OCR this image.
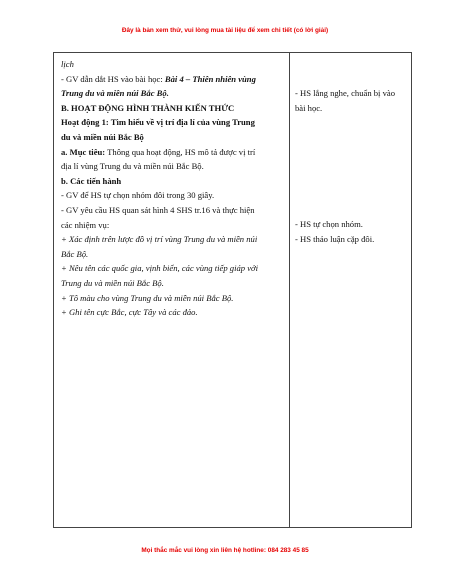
Đây là bản xem thử, vui lòng mua tài liệu để xem chi tiết (có lời giải)
lịch
- GV dẫn dắt HS vào bài học: Bài 4 – Thiên nhiên vùng
Trung du và miền núi Bắc Bộ.
B. HOẠT ĐỘNG HÌNH THÀNH KIẾN THỨC
Hoạt động 1: Tìm hiểu về vị trí địa lí của vùng Trung
du và miền núi Bắc Bộ
a. Mục tiêu: Thông qua hoạt động, HS mô tả được vị trí
địa lí vùng Trung du và miền núi Bắc Bộ.
b. Các tiến hành
- GV để HS tự chọn nhóm đôi trong 30 giây.
- GV yêu cầu HS quan sát hình 4 SHS tr.16 và thực hiện
các nhiệm vụ:
+ Xác định trên lược đồ vị trí vùng Trung du và miền núi
Bắc Bộ.
+ Nêu tên các quốc gia, vịnh biển, các vùng tiếp giáp với
Trung du và miền núi Bắc Bộ.
+ Tô màu cho vùng Trung du và miền núi Bắc Bộ.
+ Ghi tên cực Bắc, cực Tây và các đảo.
- HS lắng nghe, chuẩn bị vào
bài học.
- HS tự chọn nhóm.
- HS thảo luận cặp đôi.
Mọi thắc mắc vui lòng xin liên hệ hotline: 084 283 45 85
